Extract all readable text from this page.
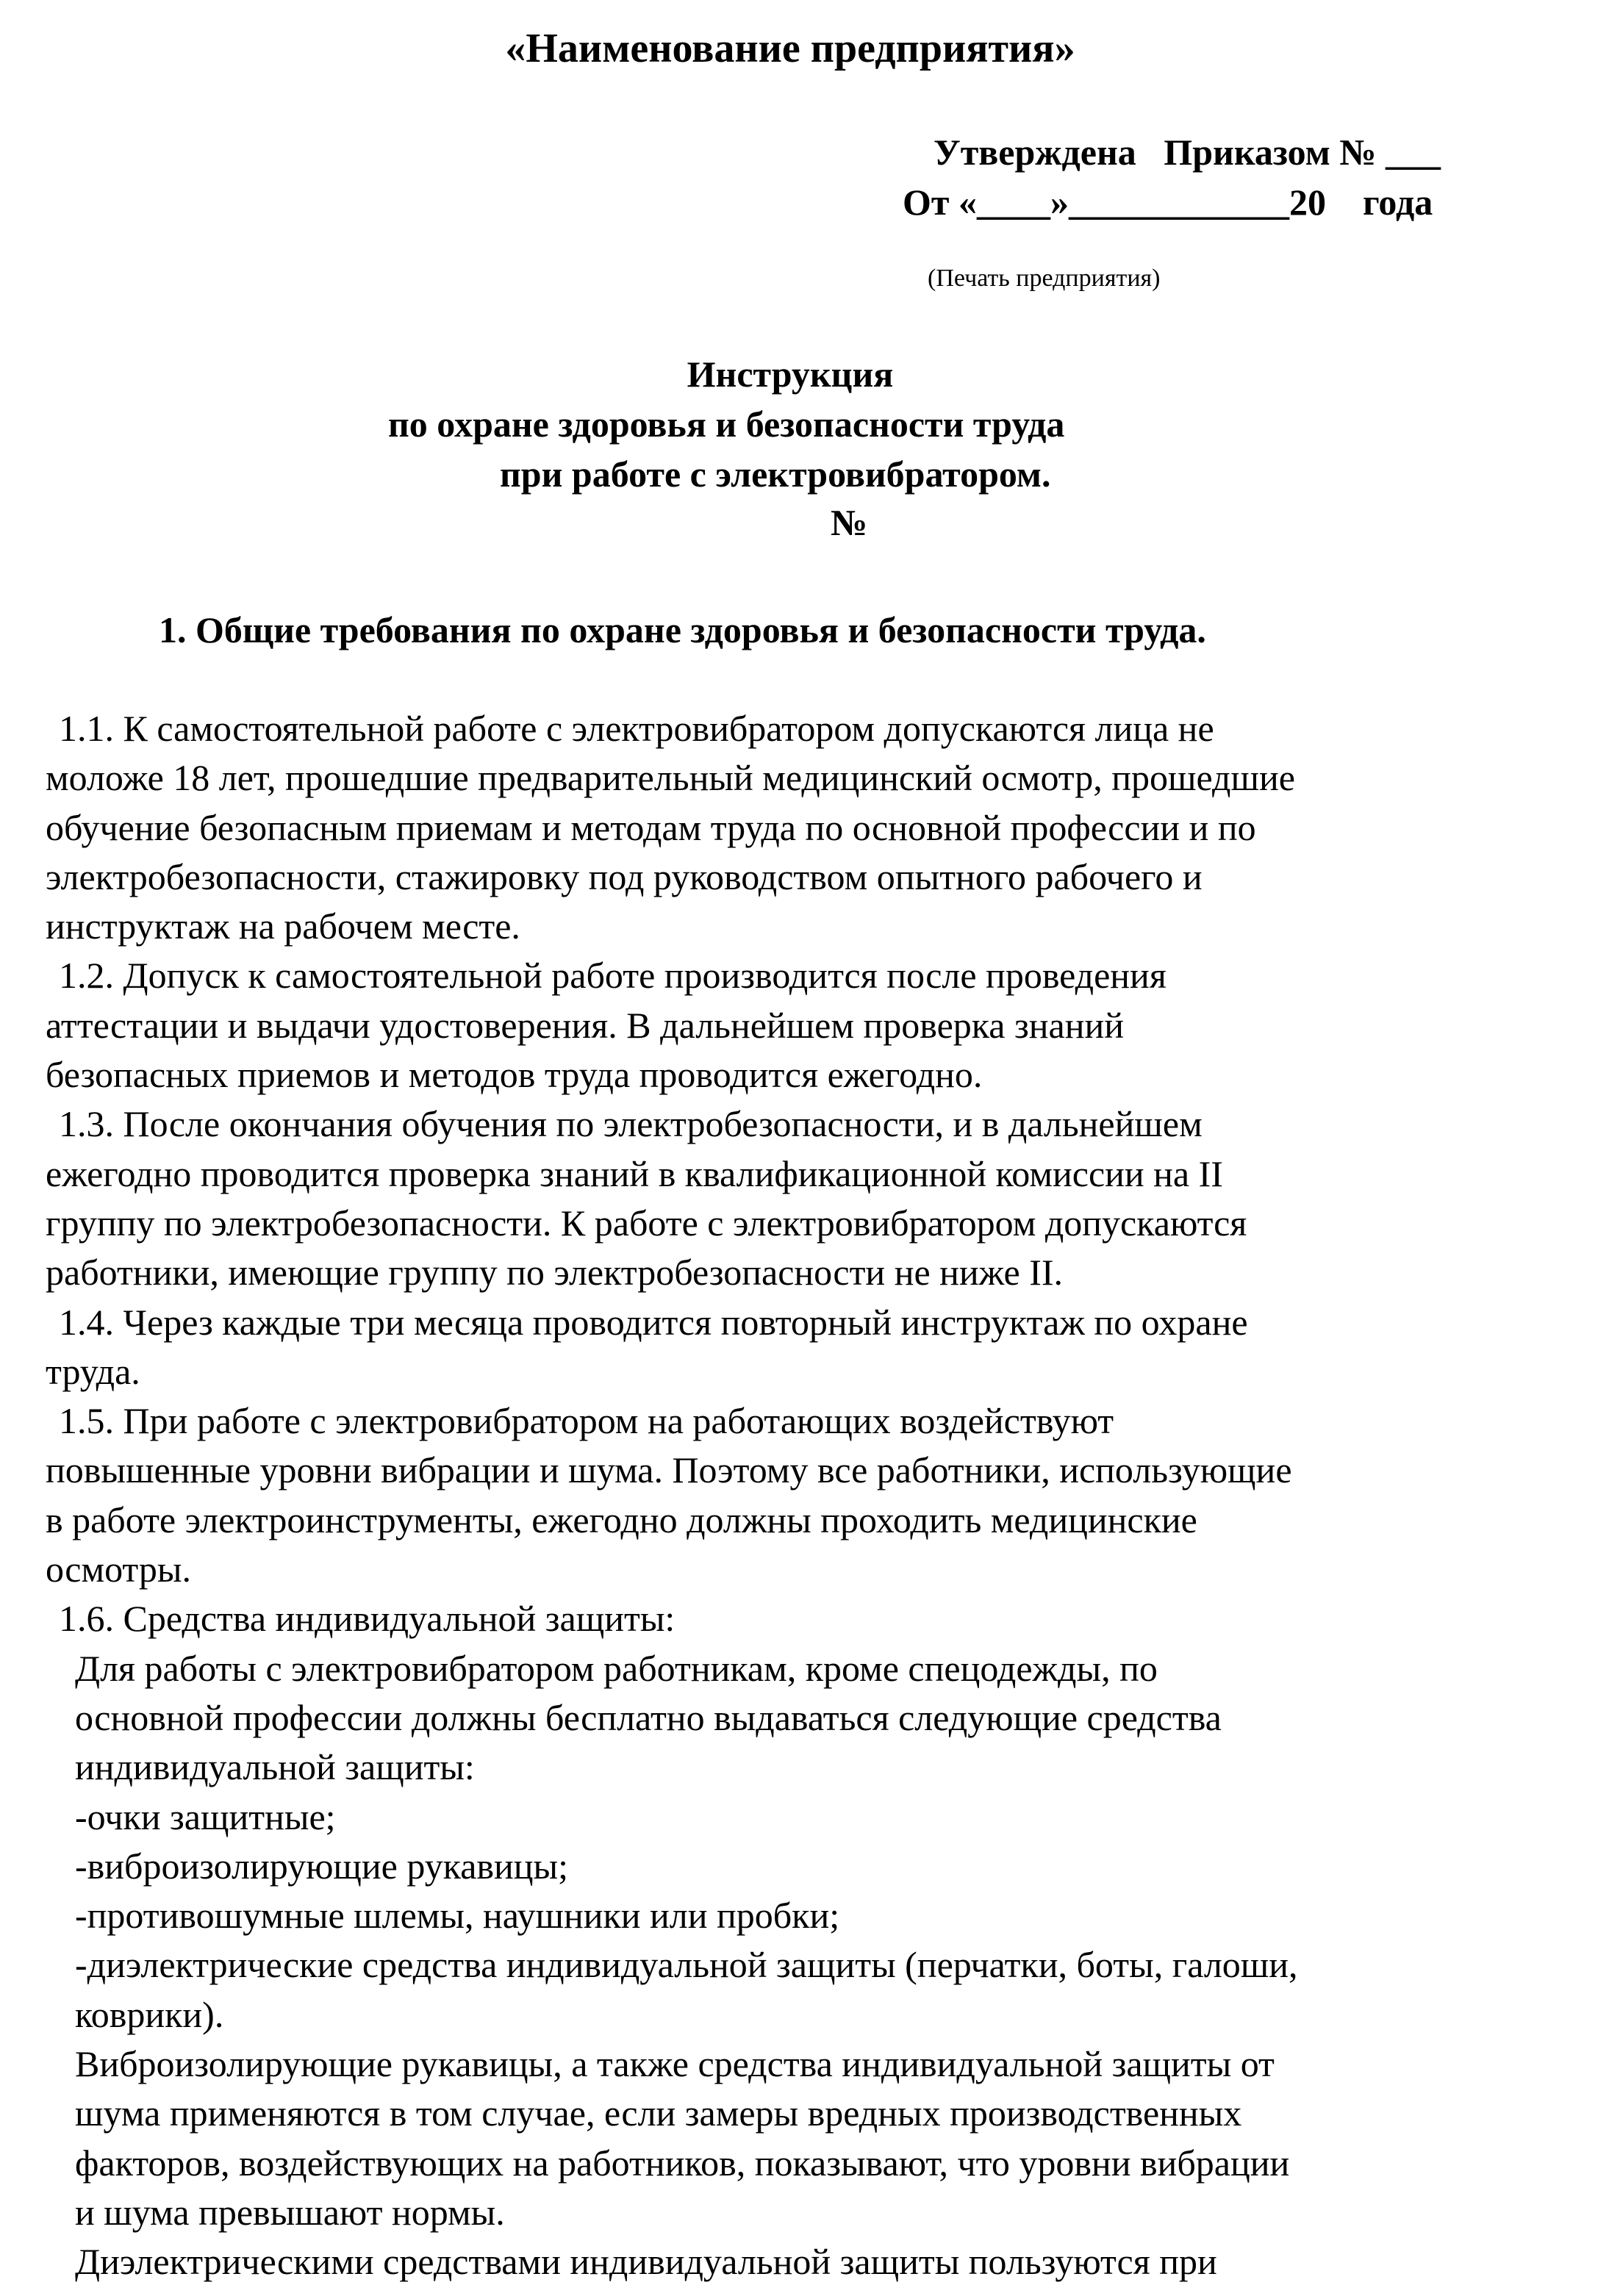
«Наименование предприятия»
Утверждена   Приказом № ___
От «____»____________20    года
(Печать предприятия)
Инструкция
по охране здоровья и безопасности труда
при работе с электровибратором.
№
1. Общие требования по охране здоровья и безопасности труда.
1.1. К самостоятельной работе с электровибратором допускаются лица не
моложе 18 лет, прошедшие предварительный медицинский осмотр, прошедшие
обучение безопасным приемам и методам труда по основной профессии и по
электробезопасности, стажировку под руководством опытного рабочего и
инструктаж на рабочем месте.
1.2. Допуск к самостоятельной работе производится после проведения
аттестации и выдачи удостоверения. В дальнейшем проверка знаний
безопасных приемов и методов труда проводится ежегодно.
1.3. После окончания обучения по электробезопасности, и в дальнейшем
ежегодно проводится проверка знаний в квалификационной комиссии на II
группу по электробезопасности. К работе с электровибратором допускаются
работники, имеющие группу по электробезопасности не ниже II.
1.4. Через каждые три месяца проводится повторный инструктаж по охране
труда.
1.5. При работе с электровибратором на работающих воздействуют
повышенные уровни вибрации и шума. Поэтому все работники, использующие
в работе электроинструменты, ежегодно должны проходить медицинские
осмотры.
1.6. Средства индивидуальной защиты:
Для работы с электровибратором работникам, кроме спецодежды, по
основной профессии должны бесплатно выдаваться следующие средства
индивидуальной защиты:
-очки защитные;
-виброизолирующие рукавицы;
-противошумные шлемы, наушники или пробки;
-диэлектрические средства индивидуальной защиты (перчатки, боты, галоши,
коврики).
Виброизолирующие рукавицы, а также средства индивидуальной защиты от
шума применяются в том случае, если замеры вредных производственных
факторов, воздействующих на работников, показывают, что уровни вибрации
и шума превышают нормы.
Диэлектрическими средствами индивидуальной защиты пользуются при
